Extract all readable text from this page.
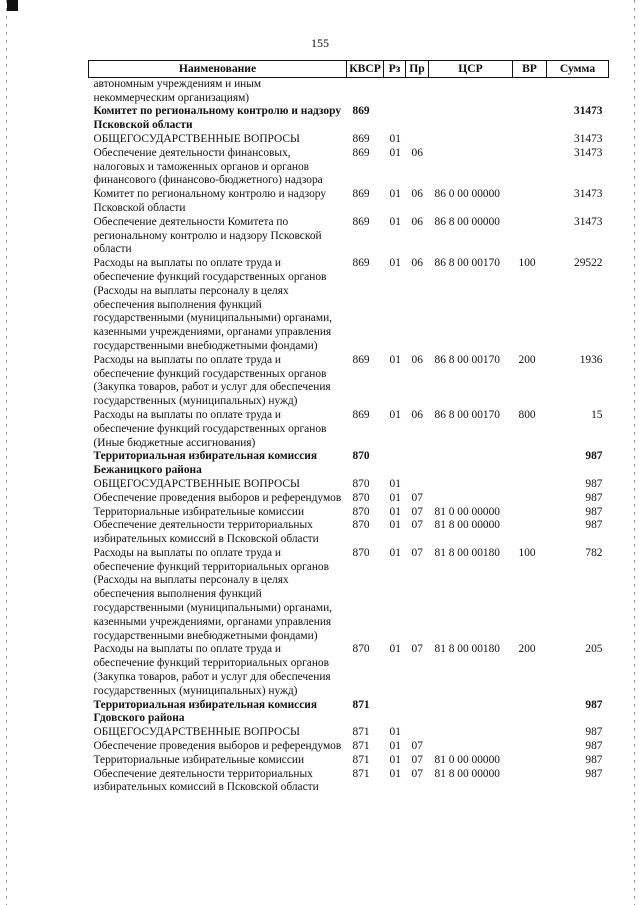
155
Наименование	КВСР	Рз	Пр	ЦСР	ВР	Сумма
автономным учреждениям и иным некоммерческим организациям)						
Комитет по региональному контролю и надзору Псковской области	869					31473
ОБЩЕГОСУДАРСТВЕННЫЕ ВОПРОСЫ	869	01				31473
Обеспечение деятельности финансовых, налоговых и таможенных органов и органов финансового (финансово-бюджетного) надзора	869	01	06			31473
Комитет по региональному контролю и надзору Псковской области	869	01	06	86 0 00 00000		31473
Обеспечение деятельности Комитета по региональному контролю и надзору Псковской области	869	01	06	86 8 00 00000		31473
Расходы на выплаты по оплате труда и обеспечение функций государственных органов (Расходы на выплаты персоналу в целях обеспечения выполнения функций государственными (муниципальными) органами, казенными учреждениями, органами управления государственными внебюджетными фондами)	869	01	06	86 8 00 00170	100	29522
Расходы на выплаты по оплате труда и обеспечение функций государственных органов (Закупка товаров, работ и услуг для обеспечения государственных (муниципальных) нужд)	869	01	06	86 8 00 00170	200	1936
Расходы на выплаты по оплате труда и обеспечение функций государственных органов (Иные бюджетные ассигнования)	869	01	06	86 8 00 00170	800	15
Территориальная избирательная комиссия Бежаницкого района	870					987
ОБЩЕГОСУДАРСТВЕННЫЕ ВОПРОСЫ	870	01				987
Обеспечение проведения выборов и референдумов	870	01	07			987
Территориальные избирательные комиссии	870	01	07	81 0 00 00000		987
Обеспечение деятельности территориальных избирательных комиссий в Псковской области	870	01	07	81 8 00 00000		987
Расходы на выплаты по оплате труда и обеспечение функций территориальных органов (Расходы на выплаты персоналу в целях обеспечения выполнения функций государственными (муниципальными) органами, казенными учреждениями, органами управления государственными внебюджетными фондами)	870	01	07	81 8 00 00180	100	782
Расходы на выплаты по оплате труда и обеспечение функций территориальных органов (Закупка товаров, работ и услуг для обеспечения государственных (муниципальных) нужд)	870	01	07	81 8 00 00180	200	205
Территориальная избирательная комиссия Гдовского района	871					987
ОБЩЕГОСУДАРСТВЕННЫЕ ВОПРОСЫ	871	01				987
Обеспечение проведения выборов и референдумов	871	01	07			987
Территориальные избирательные комиссии	871	01	07	81 0 00 00000		987
Обеспечение деятельности территориальных избирательных комиссий в Псковской области	871	01	07	81 8 00 00000		987
